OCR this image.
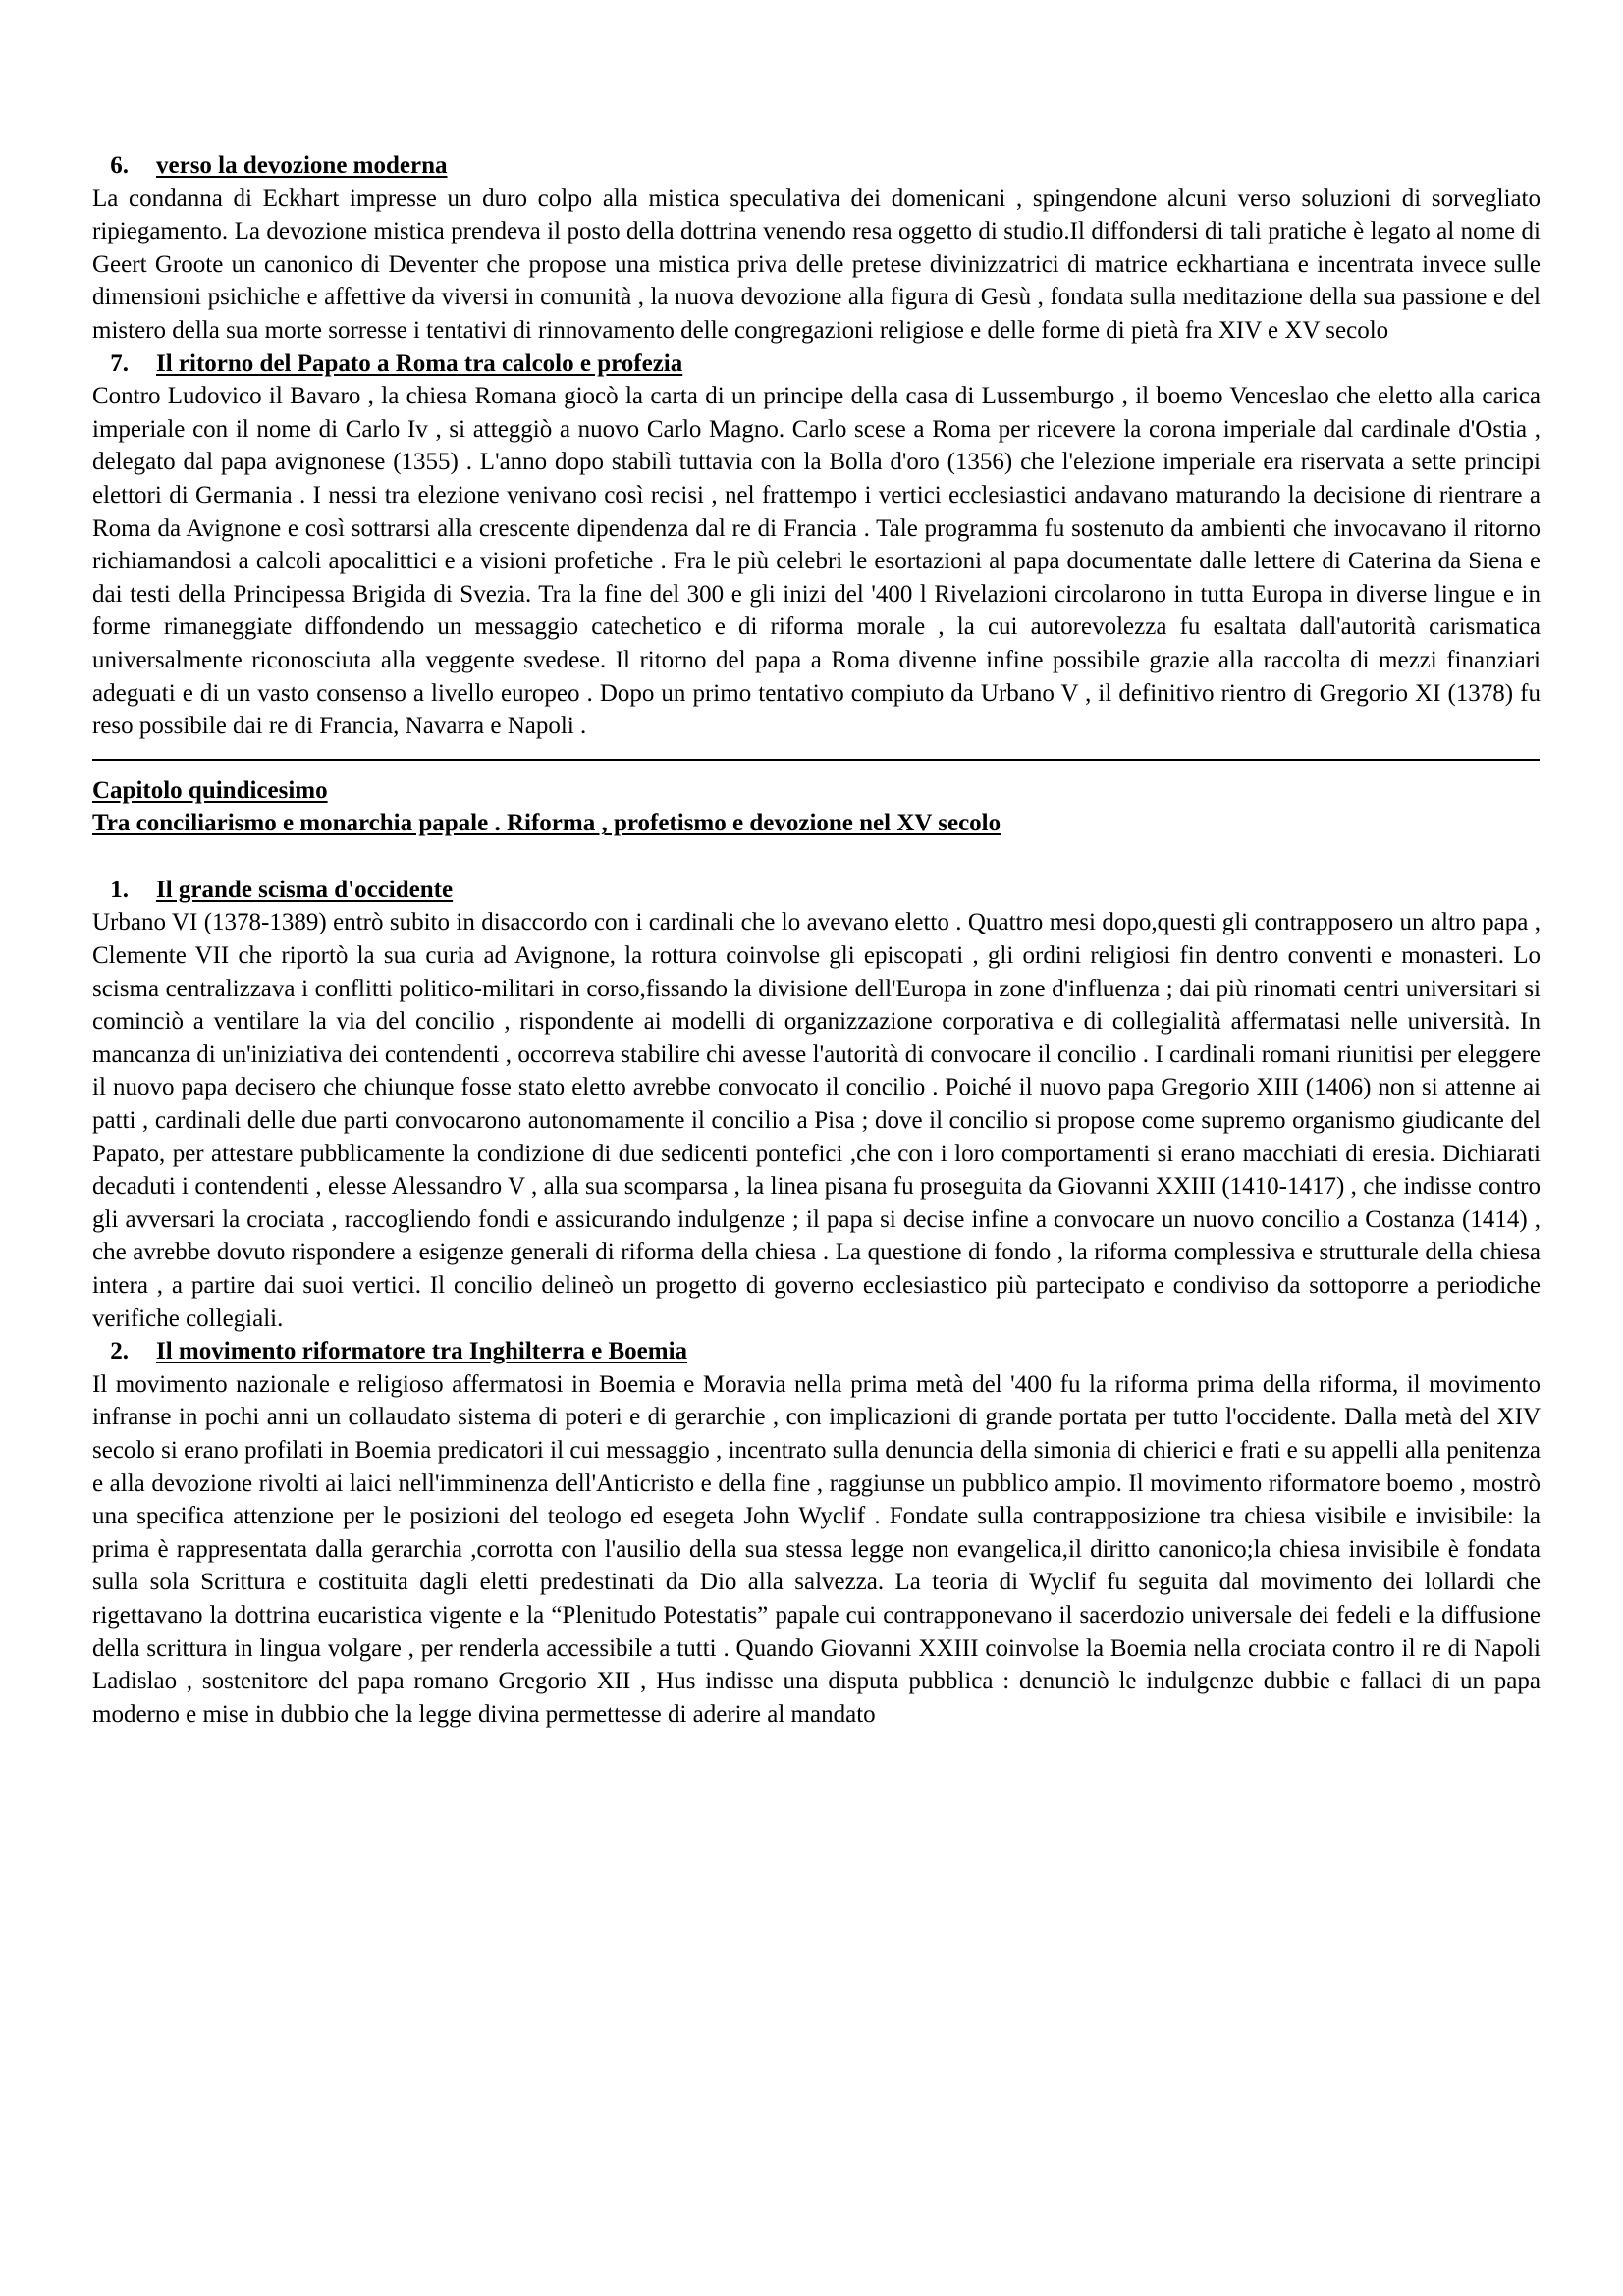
6. verso la devozione moderna

La condanna di Eckhart impresse un duro colpo alla mistica speculativa dei domenicani , spingendone alcuni verso soluzioni di sorvegliato ripiegamento. La devozione mistica prendeva il posto della dottrina venendo resa oggetto di studio.Il diffondersi di tali pratiche è legato al nome di Geert Groote un canonico di Deventer che propose una mistica priva delle pretese divinizzatrici di matrice eckhartiana e incentrata invece sulle dimensioni psichiche e affettive da viversi in comunità , la nuova devozione alla figura di Gesù , fondata sulla meditazione della sua passione e del mistero della sua morte sorresse i tentativi di rinnovamento delle congregazioni religiose e delle forme di pietà fra XIV e XV secolo

7. Il ritorno del Papato a Roma tra calcolo e profezia

Contro Ludovico il Bavaro , la chiesa Romana giocò la carta di un principe della casa di Lussemburgo , il boemo Venceslao che eletto alla carica imperiale con il nome di Carlo Iv , si atteggiò a nuovo Carlo Magno. Carlo scese a Roma per ricevere la corona imperiale dal cardinale d'Ostia , delegato dal papa avignonese (1355) . L'anno dopo stabilì tuttavia con la Bolla d'oro (1356) che l'elezione imperiale era riservata a sette principi elettori di Germania . I nessi tra elezione venivano così recisi , nel frattempo i vertici ecclesiastici andavano maturando la decisione di rientrare a Roma da Avignone e così sottrarsi alla crescente dipendenza dal re di Francia . Tale programma fu sostenuto da ambienti che invocavano il ritorno richiamandosi a calcoli apocalittici e a visioni profetiche . Fra le più celebri le esortazioni al papa documentate dalle lettere di Caterina da Siena e dai testi della Principessa Brigida di Svezia. Tra la fine del 300 e gli inizi del '400 l Rivelazioni circolarono in tutta Europa in diverse lingue e in forme rimaneggiate diffondendo un messaggio catechetico e di riforma morale , la cui autorevolezza fu esaltata dall'autorità carismatica universalmente riconosciuta alla veggente svedese. Il ritorno del papa a Roma divenne infine possibile grazie alla raccolta di mezzi finanziari adeguati e di un vasto consenso a livello europeo . Dopo un primo tentativo compiuto da Urbano V , il definitivo rientro di Gregorio XI (1378) fu reso possibile dai re di Francia, Navarra e Napoli .

Capitolo quindicesimo
Tra conciliarismo e monarchia papale . Riforma , profetismo e devozione nel XV secolo
1. Il grande scisma d'occidente

Urbano VI (1378-1389) entrò subito in disaccordo con i cardinali che lo avevano eletto . Quattro mesi dopo,questi gli contrapposero un altro papa , Clemente VII che riportò la sua curia ad Avignone, la rottura coinvolse gli episcopati , gli ordini religiosi fin dentro conventi e monasteri. Lo scisma centralizzava i conflitti politico-militari in corso,fissando la divisione dell'Europa in zone d'influenza ; dai più rinomati centri universitari si cominciò a ventilare la via del concilio , rispondente ai modelli di organizzazione corporativa e di collegialità affermatasi nelle università. In mancanza di un'iniziativa dei contendenti , occorreva stabilire chi avesse l'autorità di convocare il concilio . I cardinali romani riunitisi per eleggere il nuovo papa decisero che chiunque fosse stato eletto avrebbe convocato il concilio . Poiché il nuovo papa Gregorio XIII (1406) non si attenne ai patti , cardinali delle due parti convocarono autonomamente il concilio a Pisa ; dove il concilio si propose come supremo organismo giudicante del Papato, per attestare pubblicamente la condizione di due sedicenti pontefici ,che con i loro comportamenti si erano macchiati di eresia. Dichiarati decaduti i contendenti , elesse Alessandro V , alla sua scomparsa , la linea pisana fu proseguita da Giovanni XXIII (1410-1417) , che indisse contro gli avversari la crociata , raccogliendo fondi e assicurando indulgenze ; il papa si decise infine a convocare un nuovo concilio a Costanza (1414) , che avrebbe dovuto rispondere a esigenze generali di riforma della chiesa . La questione di fondo , la riforma complessiva e strutturale della chiesa intera , a partire dai suoi vertici. Il concilio delineò un progetto di governo ecclesiastico più partecipato e condiviso da sottoporre a periodiche verifiche collegiali.

2. Il movimento riformatore tra Inghilterra e Boemia

Il movimento nazionale e religioso affermatosi in Boemia e Moravia nella prima metà del '400 fu la riforma prima della riforma, il movimento infranse in pochi anni un collaudato sistema di poteri e di gerarchie , con implicazioni di grande portata per tutto l'occidente. Dalla metà del XIV secolo si erano profilati in Boemia predicatori il cui messaggio , incentrato sulla denuncia della simonia di chierici e frati e su appelli alla penitenza e alla devozione rivolti ai laici nell'imminenza dell'Anticristo e della fine , raggiunse un pubblico ampio. Il movimento riformatore boemo , mostrò una specifica attenzione per le posizioni del teologo ed esegeta John Wyclif . Fondate sulla contrapposizione tra chiesa visibile e invisibile: la prima è rappresentata dalla gerarchia ,corrotta con l'ausilio della sua stessa legge non evangelica,il diritto canonico;la chiesa invisibile è fondata sulla sola Scrittura e costituita dagli eletti predestinati da Dio alla salvezza. La teoria di Wyclif fu seguita dal movimento dei lollardi che rigettavano la dottrina eucaristica vigente e la “Plenitudo Potestatis” papale cui contrapponevano il sacerdozio universale dei fedeli e la diffusione della scrittura in lingua volgare , per renderla accessibile a tutti . Quando Giovanni XXIII coinvolse la Boemia nella crociata contro il re di Napoli Ladislao , sostenitore del papa romano Gregorio XII , Hus indisse una disputa pubblica : denunciò le indulgenze dubbie e fallaci di un papa moderno e mise in dubbio che la legge divina permettesse di aderire al mandato
